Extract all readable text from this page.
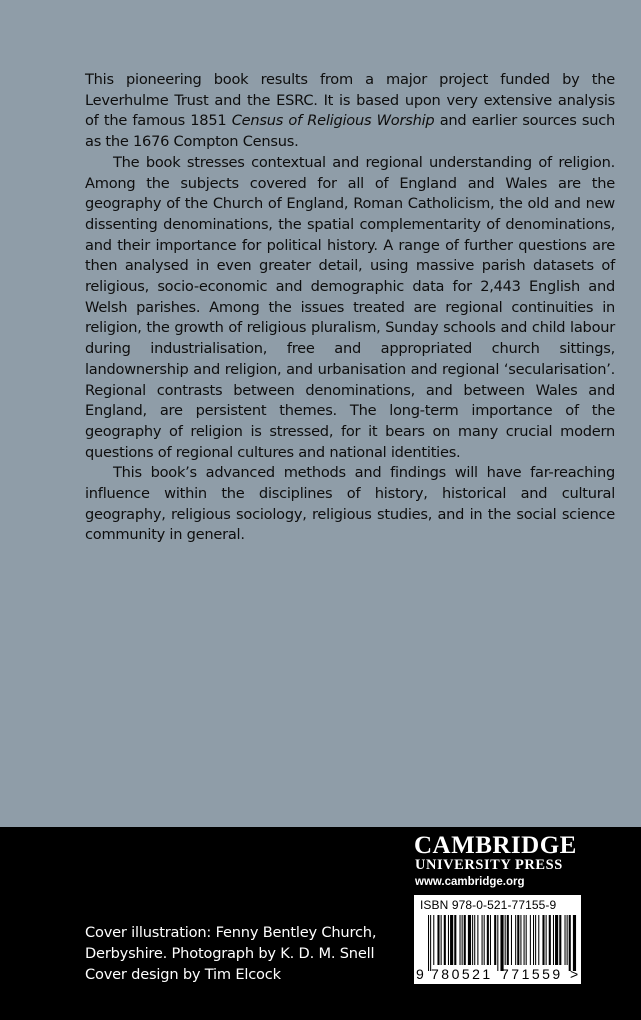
This pioneering book results from a major project funded by the Leverhulme Trust and the ESRC. It is based upon very extensive analysis of the famous 1851 Census of Religious Worship and earlier sources such as the 1676 Compton Census.

The book stresses contextual and regional understanding of religion. Among the subjects covered for all of England and Wales are the geography of the Church of England, Roman Catholicism, the old and new dissenting denominations, the spatial complementarity of denominations, and their importance for political history. A range of further questions are then analysed in even greater detail, using massive parish datasets of religious, socio-economic and demographic data for 2,443 English and Welsh parishes. Among the issues treated are regional continuities in religion, the growth of religious pluralism, Sunday schools and child labour during industrialisation, free and appropriated church sittings, landownership and religion, and urbanisation and regional ‘secularisation’. Regional contrasts between denominations, and between Wales and England, are persistent themes. The long-term importance of the geography of religion is stressed, for it bears on many crucial modern questions of regional cultures and national identities.

This book’s advanced methods and findings will have far-reaching influence within the disciplines of history, historical and cultural geography, religious sociology, religious studies, and in the social science community in general.

Cover illustration: Fenny Bentley Church,
Derbyshire. Photograph by K. D. M. Snell
Cover design by Tim Elcock
CAMBRIDGE
UNIVERSITY PRESS
www.cambridge.org
ISBN 978-0-521-77155-9
9 780521 771559 >
